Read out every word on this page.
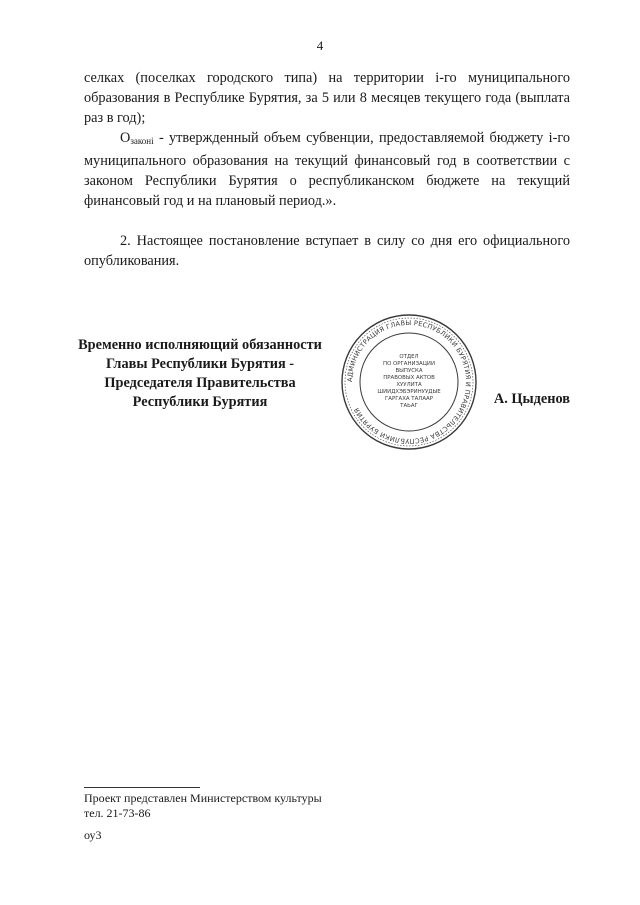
4

селках (поселках городского типа) на территории i-го муниципального образования в Республике Бурятия, за 5 или 8 месяцев текущего года (выплата раз в год);

$О_{законi}$ - утвержденный объем субвенции, предоставляемой бюджету i-го муниципального образования на текущий финансовый год в соответствии с законом Республики Бурятия о республиканском бюджете на текущий финансовый год и на плановый период.».

2. Настоящее постановление вступает в силу со дня его официального опубликования.

Временно исполняющий обязанности
Главы Республики Бурятия -
Председателя Правительства
Республики Бурятия
АДМИНИСТРАЦИЯ ГЛАВЫ РЕСПУБЛИКИ БУРЯТИЯ И ПРАВИТЕЛЬСТВА РЕСПУБЛИКИ БУРЯТИЯ
ОТДЕЛ
ПО ОРГАНИЗАЦИИ
ВЫПУСКА
ПРАВОВЫХ АКТОВ
ХУУЛИТА
ШИИДХЭБЭРИНУУДЫЕ
ГАРГАХА ТАЛААР
ТАЬАГ	А. Цыденов
Проект представлен Министерством культуры
тел. 21-73-86
оу3
